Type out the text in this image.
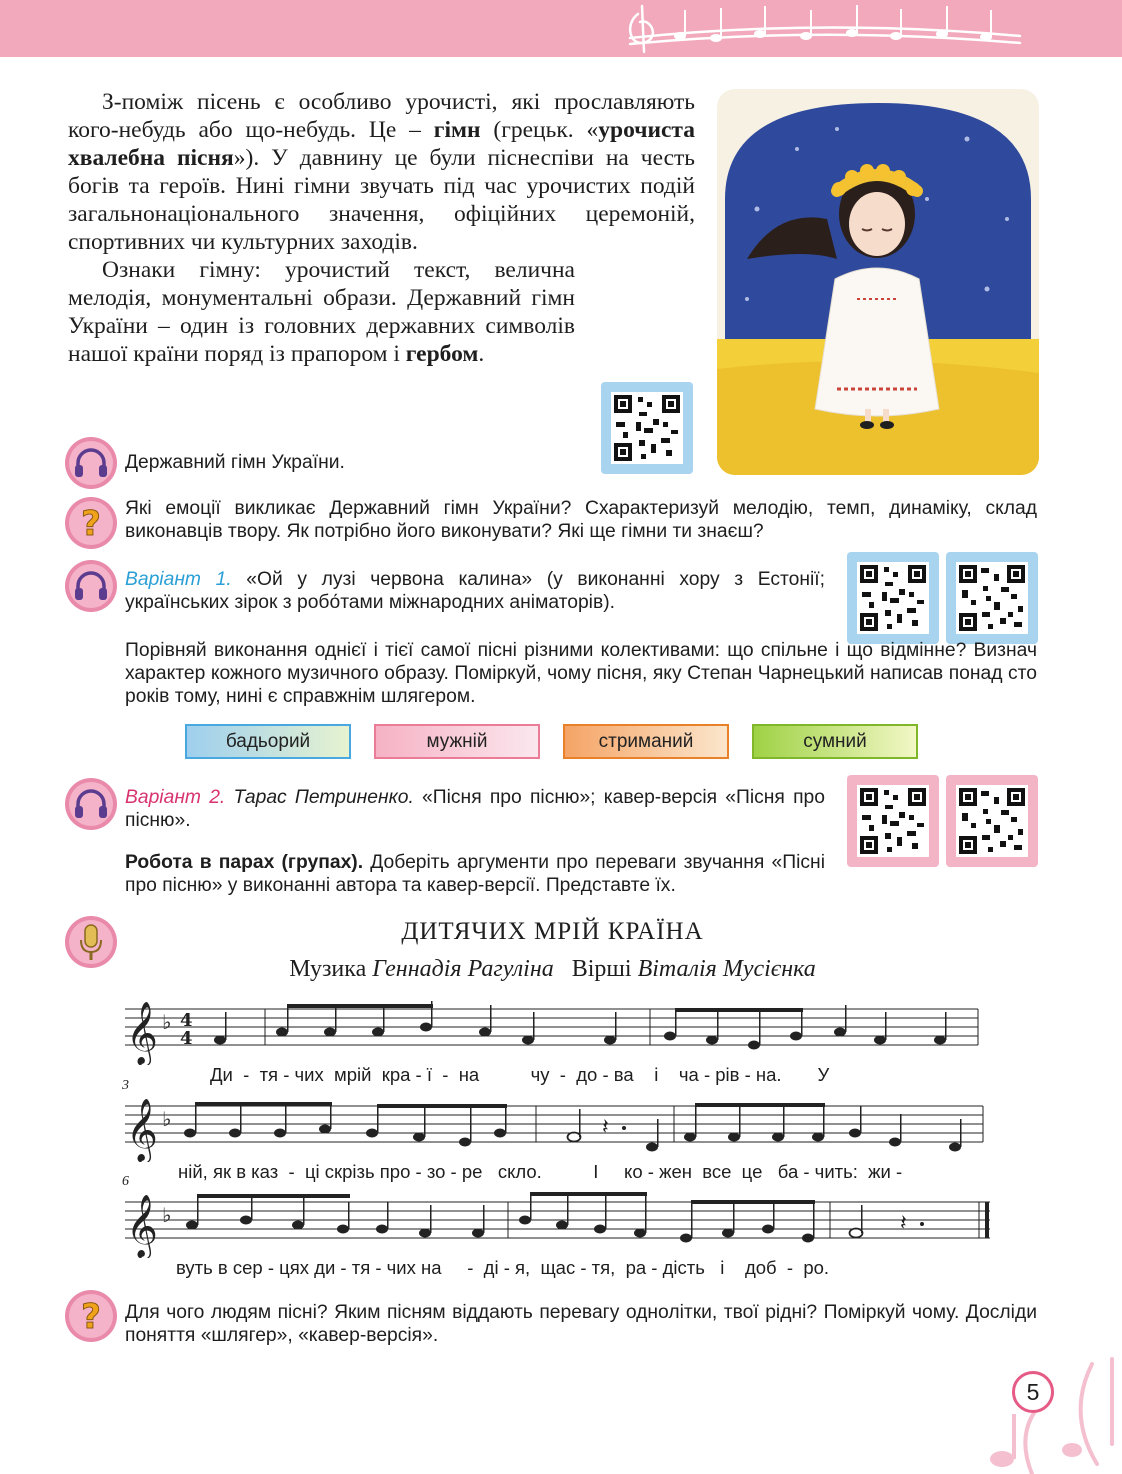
З-поміж пісень є особливо урочисті, які прославляють кого-небудь або що-небудь. Це – гімн (грецьк. «урочиста хвалебна пісня»). У давнину це були піснеспіви на честь богів та героїв. Нині гімни звучать під час урочистих подій загальнонаціонального значення, офіційних церемоній, спортивних чи культурних заходів.

Ознаки гімну: урочистий текст, велична мелодія, монументальні образи. Державний гімн України – один із головних державних символів нашої країни поряд із прапором і гербом.

Державний гімн України.
? Які емоції викликає Державний гімн України? Схарактеризуй мелодію, темп, динаміку, склад виконавців твору. Як потрібно його виконувати? Які ще гімни ти знаєш?

Варіант 1. «Ой у лузі червона калина» (у виконанні хору з Естонії; українських зірок з робо́тами міжнародних аніматорів).

Порівняй виконання однієї і тієї самої пісні різними колективами: що спільне і що відмінне? Визнач характер кожного музичного образу. Поміркуй, чому пісня, яку Степан Чарнецький написав понад сто років тому, нині є справжнім шлягером.
бадьорий	мужній	стриманий	сумний

Варіант 2. Тарас Петриненко. «Пісня про пісню»; кавер-версія «Пісня про пісню».

Робота в парах (групах). Доберіть аргументи про переваги звучання «Пісні про пісню» у виконанні автора та кавер-версії. Представте їх.

ДИТЯЧИХ МРІЙ КРАЇНА
Музика Геннадія Рагуліна Вірші Віталія Мусієнка
𝄞 ♭ 4
4
Ди  -  тя - чих  мрій  кра - ї  -  на          чу  -  до - ва    і    ча - рів - на.       У
3
𝄞 ♭	𝄽
ній, як в каз  -  ці скрізь про - зо - ре   скло.          І     ко - жен  все  це   ба - чить:  жи -
6
𝄞 ♭	𝄽
вуть в сер - цях ди - тя - чих на     -  ді - я,  щас - тя,  ра - дість   і    доб  -  ро.
? Для чого людям пісні? Яким пісням віддають перевагу однолітки, твої рідні? Поміркуй чому. Досліди поняття «шлягер», «кавер-версія».
5
